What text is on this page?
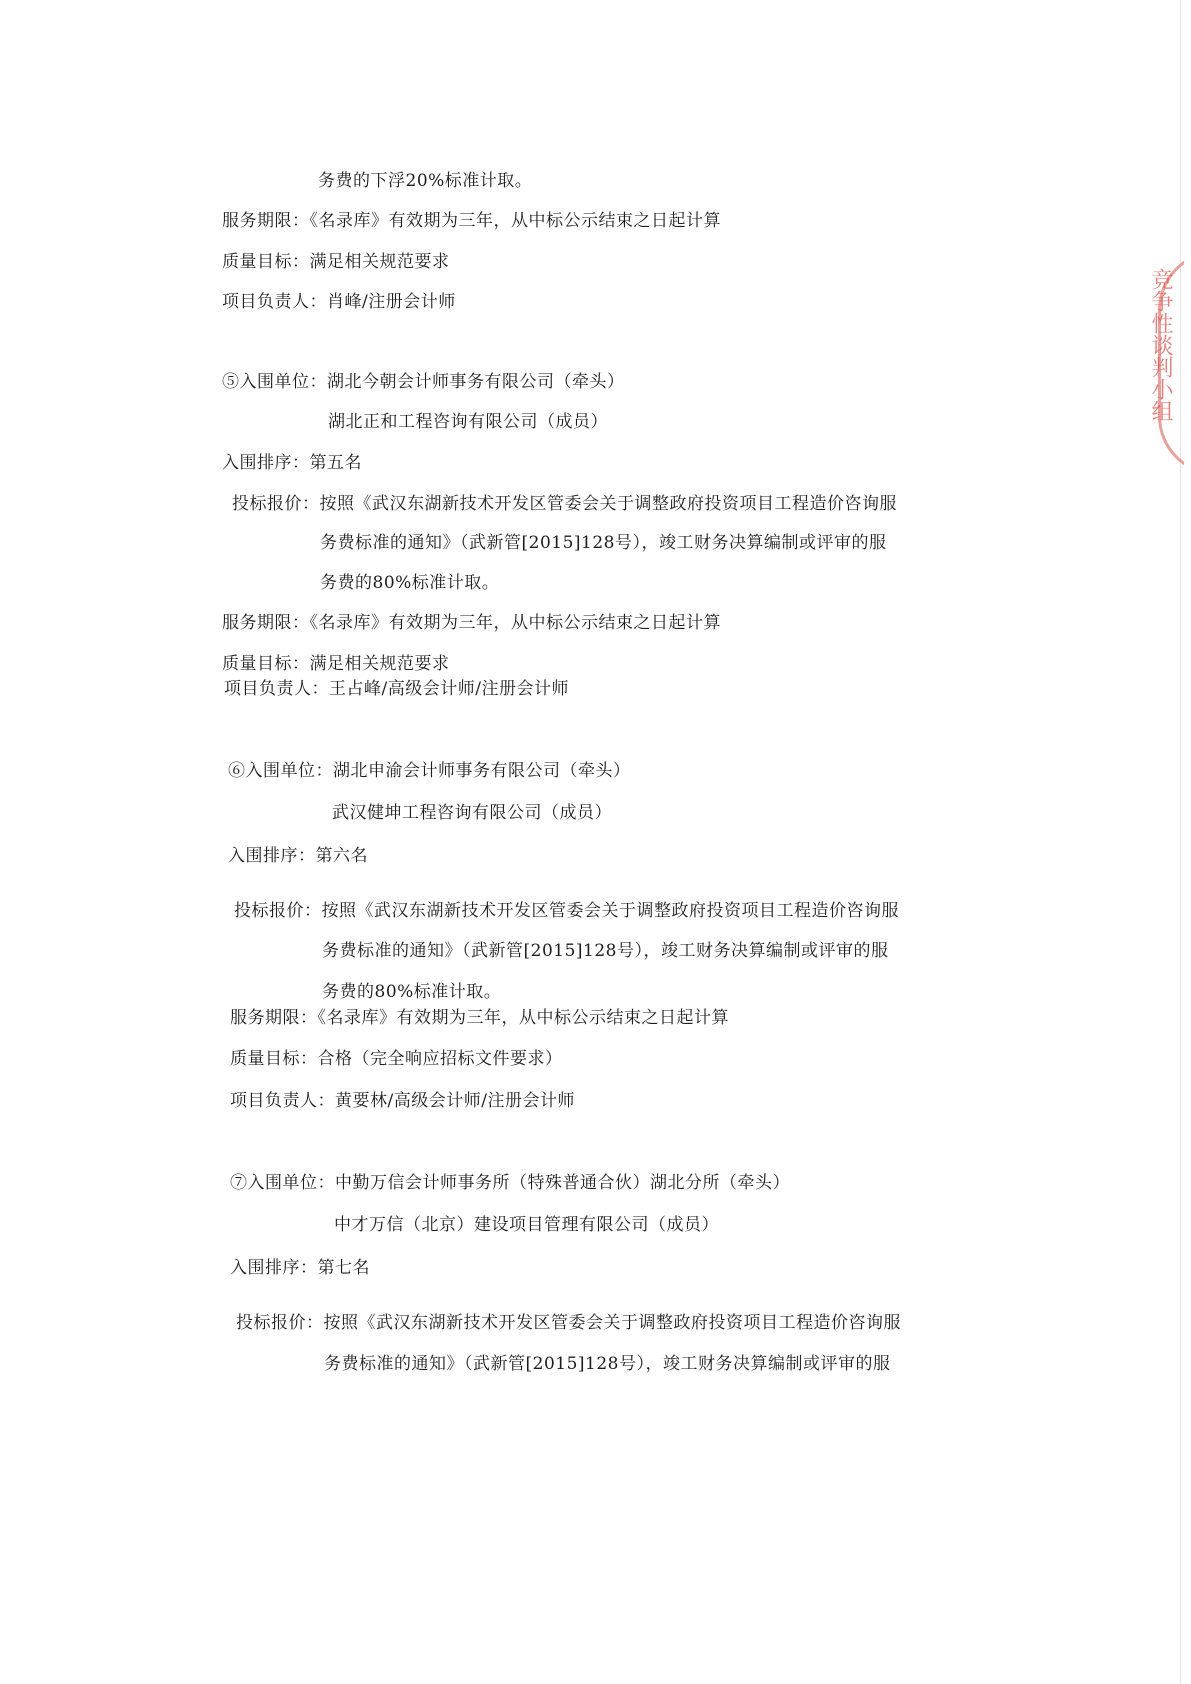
竞争性谈判小组
务费的下浮20%标准计取。
服务期限：《名录库》有效期为三年，从中标公示结束之日起计算
质量目标：满足相关规范要求
项目负责人：肖峰/注册会计师
⑤入围单位：湖北今朝会计师事务有限公司（牵头）
湖北正和工程咨询有限公司（成员）
入围排序：第五名
投标报价：按照《武汉东湖新技术开发区管委会关于调整政府投资项目工程造价咨询服
务费标准的通知》（武新管[2015]128号），竣工财务决算编制或评审的服
务费的80%标准计取。
服务期限：《名录库》有效期为三年，从中标公示结束之日起计算
质量目标：满足相关规范要求
项目负责人：王占峰/高级会计师/注册会计师
⑥入围单位：湖北申渝会计师事务有限公司（牵头）
武汉健坤工程咨询有限公司（成员）
入围排序：第六名
投标报价：按照《武汉东湖新技术开发区管委会关于调整政府投资项目工程造价咨询服
务费标准的通知》（武新管[2015]128号），竣工财务决算编制或评审的服
务费的80%标准计取。
服务期限：《名录库》有效期为三年，从中标公示结束之日起计算
质量目标：合格（完全响应招标文件要求）
项目负责人：黄要林/高级会计师/注册会计师
⑦入围单位：中勤万信会计师事务所（特殊普通合伙）湖北分所（牵头）
中才万信（北京）建设项目管理有限公司（成员）
入围排序：第七名
投标报价：按照《武汉东湖新技术开发区管委会关于调整政府投资项目工程造价咨询服
务费标准的通知》（武新管[2015]128号），竣工财务决算编制或评审的服
